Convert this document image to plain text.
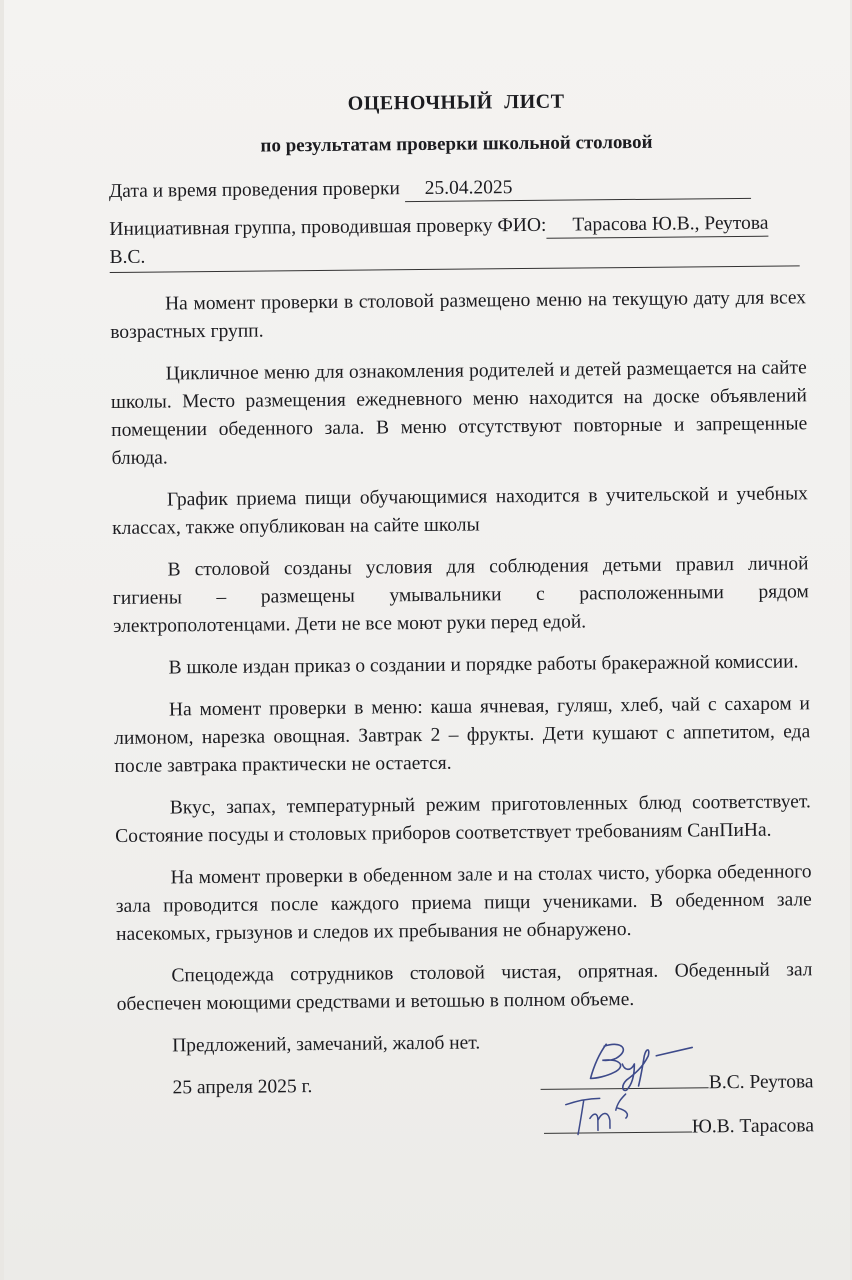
ОЦЕНОЧНЫЙ ЛИСТ
по результатам проверки школьной столовой
Дата и время проведения проверки 25.04.2025
Инициативная группа, проводившая проверку ФИО: Тарасова Ю.В., Реутова
В.С.

На момент проверки в столовой размещено меню на текущую дату для всех возрастных групп.

Цикличное меню для ознакомления родителей и детей размещается на сайте школы. Место размещения ежедневного меню находится на доске объявлений помещении обеденного зала. В меню отсутствуют повторные и запрещенные блюда.

График приема пищи обучающимися находится в учительской и учебных классах, также опубликован на сайте школы

В столовой созданы условия для соблюдения детьми правил личной гигиены – размещены умывальники с расположенными рядом электрополотенцами. Дети не все моют руки перед едой.

В школе издан приказ о создании и порядке работы бракеражной комиссии.

На момент проверки в меню: каша ячневая, гуляш, хлеб, чай с сахаром и лимоном, нарезка овощная. Завтрак 2 – фрукты. Дети кушают с аппетитом, еда после завтрака практически не остается.

Вкус, запах, температурный режим приготовленных блюд соответствует. Состояние посуды и столовых приборов соответствует требованиям СанПиНа.

На момент проверки в обеденном зале и на столах чисто, уборка обеденного зала проводится после каждого приема пищи учениками. В обеденном зале насекомых, грызунов и следов их пребывания не обнаружено.

Спецодежда сотрудников столовой чистая, опрятная. Обеденный зал обеспечен моющими средствами и ветошью в полном объеме.

Предложений, замечаний, жалоб нет.
25 апреля 2025 г.	В.С. Реутова
Ю.В. Тарасова
